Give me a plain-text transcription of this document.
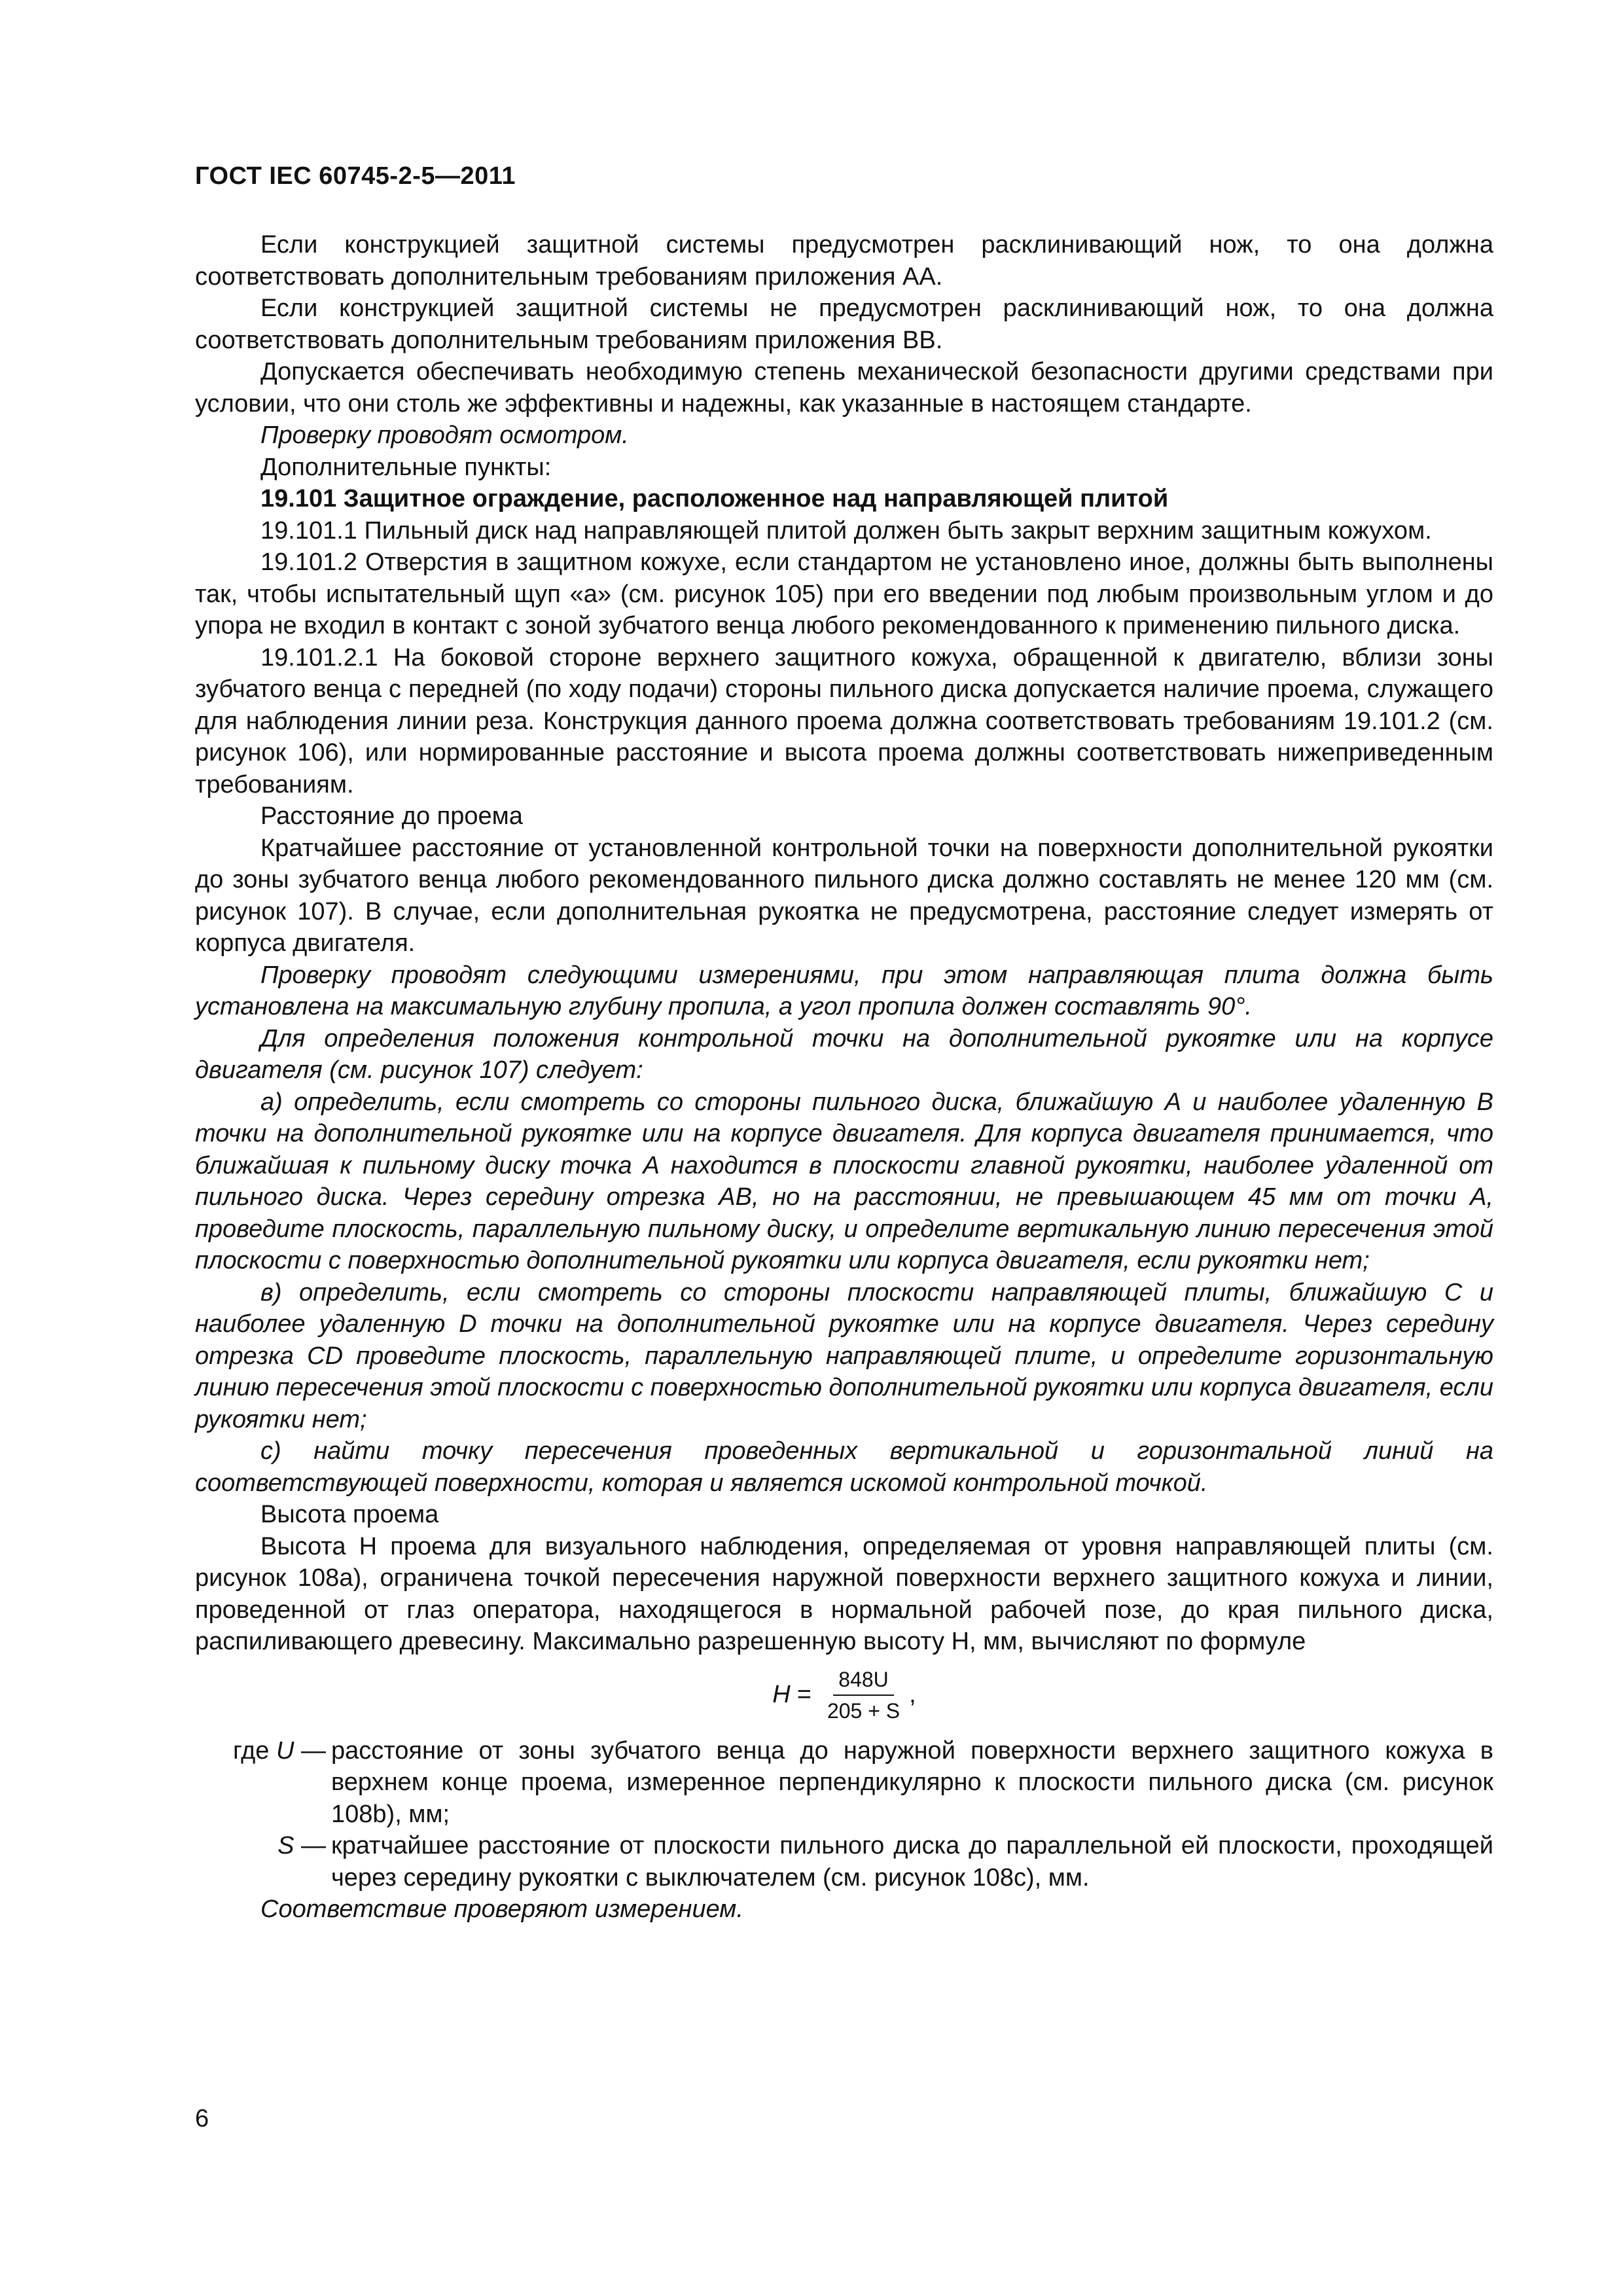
ГОСТ IEC 60745-2-5—2011

Если конструкцией защитной системы предусмотрен расклинивающий нож, то она должна соответствовать дополнительным требованиям приложения АА.

Если конструкцией защитной системы не предусмотрен расклинивающий нож, то она должна соответствовать дополнительным требованиям приложения ВВ.

Допускается обеспечивать необходимую степень механической безопасности другими средствами при условии, что они столь же эффективны и надежны, как указанные в настоящем стандарте.

Проверку проводят осмотром.

Дополнительные пункты:

19.101 Защитное ограждение, расположенное над направляющей плитой

19.101.1 Пильный диск над направляющей плитой должен быть закрыт верхним защитным кожухом.

19.101.2 Отверстия в защитном кожухе, если стандартом не установлено иное, должны быть выполнены так, чтобы испытательный щуп «а» (см. рисунок 105) при его введении под любым произвольным углом и до упора не входил в контакт с зоной зубчатого венца любого рекомендованного к применению пильного диска.

19.101.2.1 На боковой стороне верхнего защитного кожуха, обращенной к двигателю, вблизи зоны зубчатого венца с передней (по ходу подачи) стороны пильного диска допускается наличие проема, служащего для наблюдения линии реза. Конструкция данного проема должна соответствовать требованиям 19.101.2 (см. рисунок 106), или нормированные расстояние и высота проема должны соответствовать нижеприведенным требованиям.

Расстояние до проема

Кратчайшее расстояние от установленной контрольной точки на поверхности дополнительной рукоятки до зоны зубчатого венца любого рекомендованного пильного диска должно составлять не менее 120 мм (см. рисунок 107). В случае, если дополнительная рукоятка не предусмотрена, расстояние следует измерять от корпуса двигателя.

Проверку проводят следующими измерениями, при этом направляющая плита должна быть установлена на максимальную глубину пропила, а угол пропила должен составлять 90°.

Для определения положения контрольной точки на дополнительной рукоятке или на корпусе двигателя (см. рисунок 107) следует:

а) определить, если смотреть со стороны пильного диска, ближайшую А и наиболее удаленную В точки на дополнительной рукоятке или на корпусе двигателя. Для корпуса двигателя принимается, что ближайшая к пильному диску точка А находится в плоскости главной рукоятки, наиболее удаленной от пильного диска. Через середину отрезка АВ, но на расстоянии, не превышающем 45 мм от точки А, проведите плоскость, параллельную пильному диску, и определите вертикальную линию пересечения этой плоскости с поверхностью дополнительной рукоятки или корпуса двигателя, если рукоятки нет;

в) определить, если смотреть со стороны плоскости направляющей плиты, ближайшую С и наиболее удаленную D точки на дополнительной рукоятке или на корпусе двигателя. Через середину отрезка СD проведите плоскость, параллельную направляющей плите, и определите горизонтальную линию пересечения этой плоскости с поверхностью дополнительной рукоятки или корпуса двигателя, если рукоятки нет;

с) найти точку пересечения проведенных вертикальной и горизонтальной линий на соответствующей поверхности, которая и является искомой контрольной точкой.

Высота проема

Высота H проема для визуального наблюдения, определяемая от уровня направляющей плиты (см. рисунок 108а), ограничена точкой пересечения наружной поверхности верхнего защитного кожуха и линии, проведенной от глаз оператора, находящегося в нормальной рабочей позе, до края пильного диска, распиливающего древесину. Максимально разрешенную высоту H, мм, вычисляют по формуле

$H = \frac{848U}{205 + S}$ ,
где U — расстояние от зоны зубчатого венца до наружной поверхности верхнего защитного кожуха в верхнем конце проема, измеренное перпендикулярно к плоскости пильного диска (см. рисунок 108b), мм;
S — кратчайшее расстояние от плоскости пильного диска до параллельной ей плоскости, проходящей через середину рукоятки с выключателем (см. рисунок 108с), мм.

Соответствие проверяют измерением.

6
